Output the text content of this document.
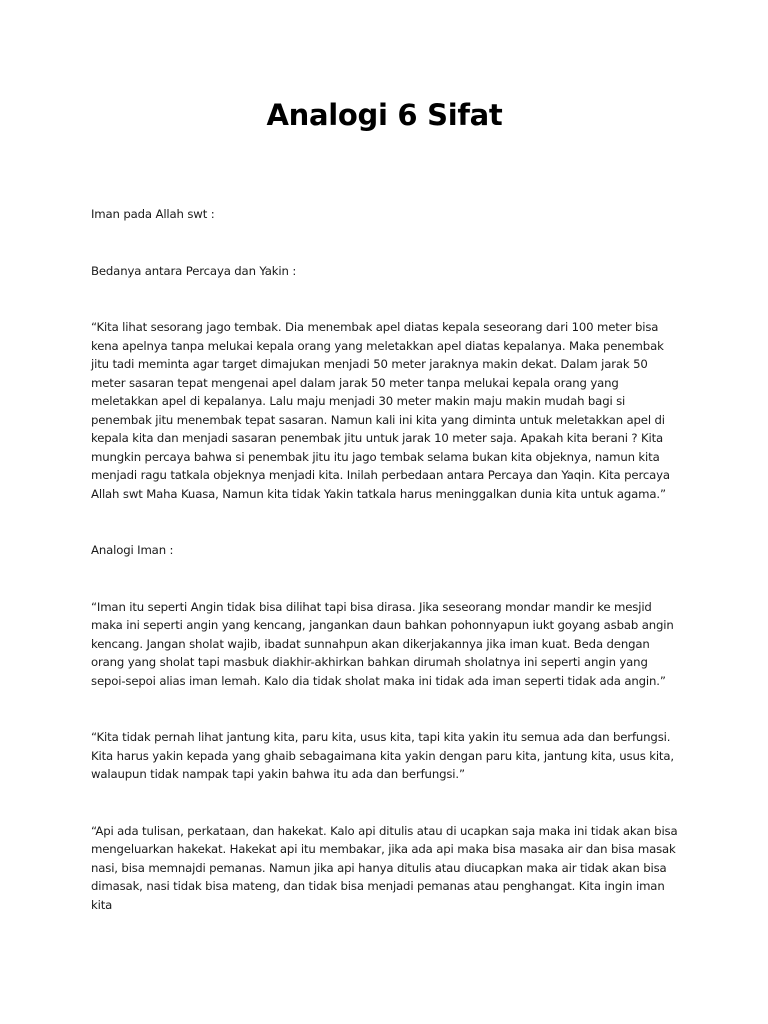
Analogi 6 Sifat

Iman pada Allah swt :

Bedanya antara Percaya dan Yakin :

“Kita lihat sesorang jago tembak. Dia menembak apel diatas kepala seseorang dari 100 meter bisa kena apelnya tanpa melukai kepala orang yang meletakkan apel diatas kepalanya. Maka penembak jitu tadi meminta agar target dimajukan menjadi 50 meter jaraknya makin dekat. Dalam jarak 50 meter sasaran tepat mengenai apel dalam jarak 50 meter tanpa melukai kepala orang yang meletakkan apel di kepalanya. Lalu maju menjadi 30 meter makin maju makin mudah bagi si penembak jitu menembak tepat sasaran. Namun kali ini kita yang diminta untuk meletakkan apel di kepala kita dan menjadi sasaran penembak jitu untuk jarak 10 meter saja. Apakah kita berani ? Kita mungkin percaya bahwa si penembak jitu itu jago tembak selama bukan kita objeknya, namun kita menjadi ragu tatkala objeknya menjadi kita. Inilah perbedaan antara Percaya dan Yaqin. Kita percaya Allah swt Maha Kuasa, Namun kita tidak Yakin tatkala harus meninggalkan dunia kita untuk agama.”

Analogi Iman :

“Iman itu seperti Angin tidak bisa dilihat tapi bisa dirasa. Jika seseorang mondar mandir ke mesjid maka ini seperti angin yang kencang, jangankan daun bahkan pohonnyapun iukt goyang asbab angin kencang. Jangan sholat wajib, ibadat sunnahpun akan dikerjakannya jika iman kuat. Beda dengan orang yang sholat tapi masbuk diakhir-akhirkan bahkan dirumah sholatnya ini seperti angin yang sepoi-sepoi alias iman lemah. Kalo dia tidak sholat maka ini tidak ada iman seperti tidak ada angin.”

“Kita tidak pernah lihat jantung kita, paru kita, usus kita, tapi kita yakin itu semua ada dan berfungsi. Kita harus yakin kepada yang ghaib sebagaimana kita yakin dengan paru kita, jantung kita, usus kita, walaupun tidak nampak tapi yakin bahwa itu ada dan berfungsi.”

“Api ada tulisan, perkataan, dan hakekat. Kalo api ditulis atau di ucapkan saja maka ini tidak akan bisa mengeluarkan hakekat. Hakekat api itu membakar, jika ada api maka bisa masaka air dan bisa masak nasi, bisa memnajdi pemanas. Namun jika api hanya ditulis atau diucapkan maka air tidak akan bisa dimasak, nasi tidak bisa mateng, dan tidak bisa menjadi pemanas atau penghangat. Kita ingin iman kita
